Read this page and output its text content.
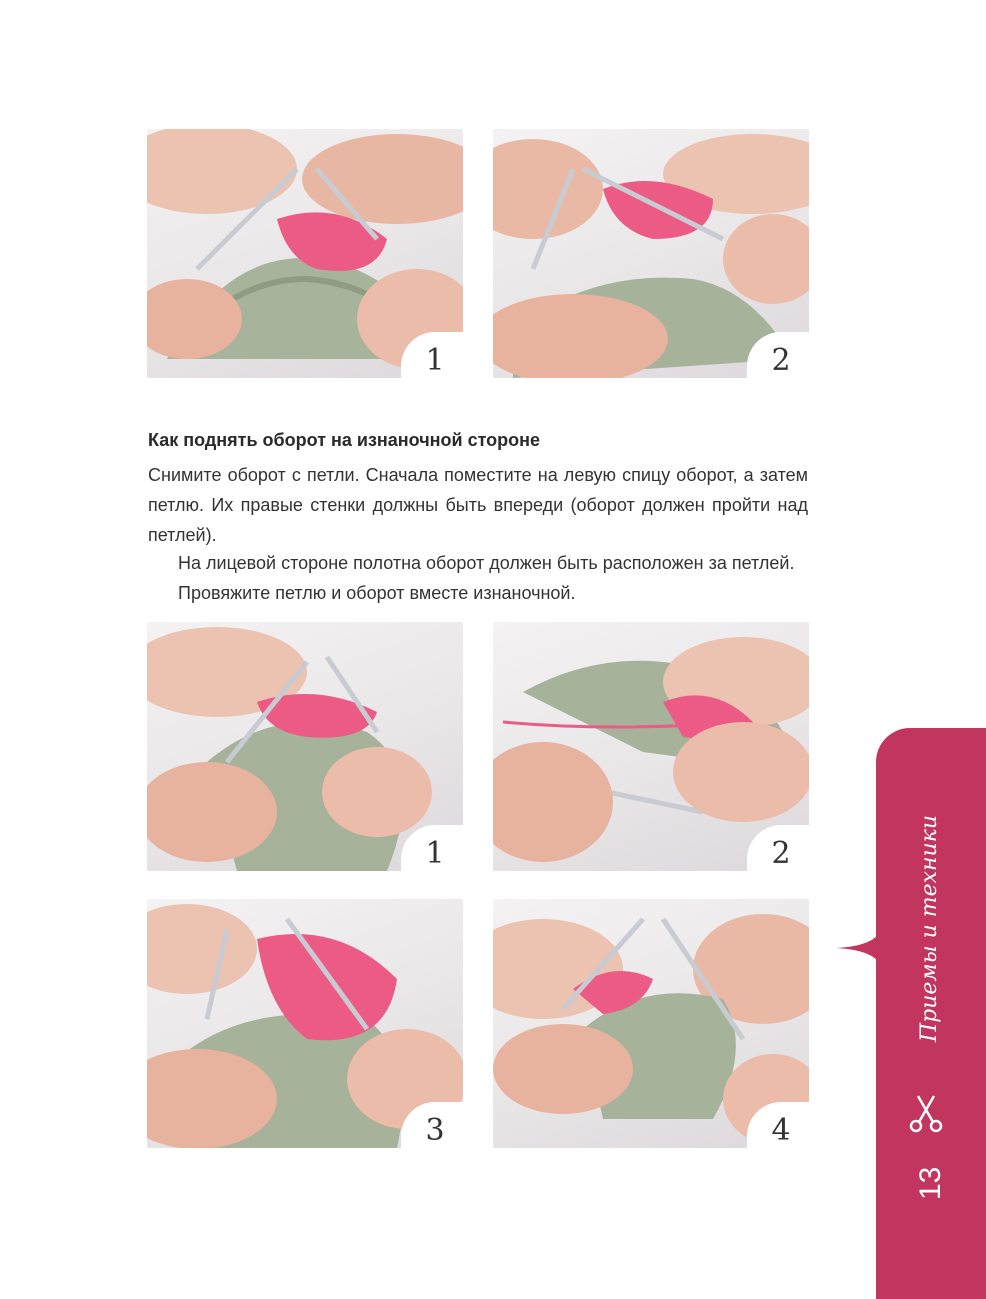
1	2
Как поднять оборот на изнаночной стороне
Снимите оборот с петли. Сначала поместите на левую спицу оборот, а затем петлю. Их правые стенки должны быть впереди (оборот должен пройти над петлей).
На лицевой стороне полотна оборот должен быть расположен за петлей.
Провяжите петлю и оборот вместе изнаночной.
1	2
3	4
Приемы и техники
13
